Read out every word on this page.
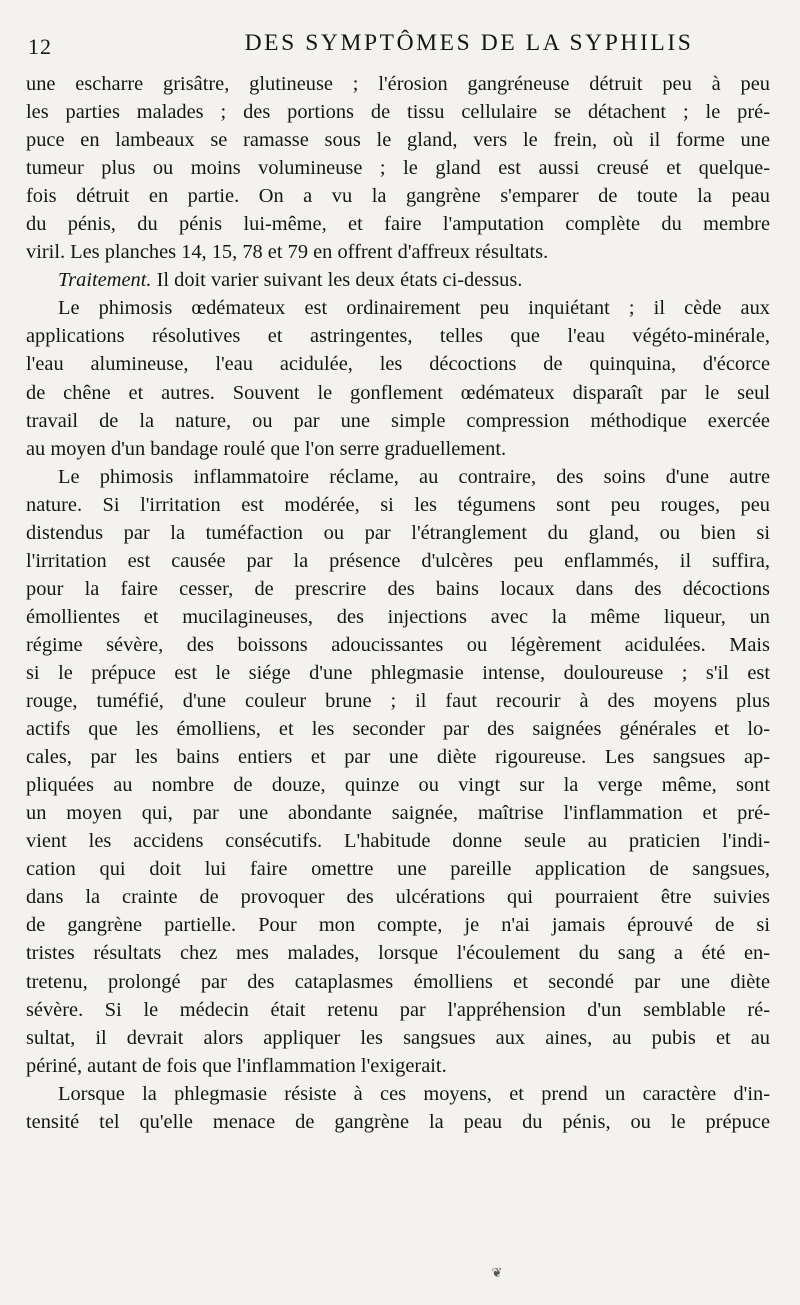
12	DES SYMPTÔMES DE LA SYPHILIS
une escharre grisâtre, glutineuse ; l'érosion gangréneuse détruit peu à peu
les parties malades ; des portions de tissu cellulaire se détachent ; le pré-
puce en lambeaux se ramasse sous le gland, vers le frein, où il forme une
tumeur plus ou moins volumineuse ; le gland est aussi creusé et quelque-
fois détruit en partie. On a vu la gangrène s'emparer de toute la peau
du pénis, du pénis lui-même, et faire l'amputation complète du membre
viril. Les planches 14, 15, 78 et 79 en offrent d'affreux résultats.
Traitement. Il doit varier suivant les deux états ci-dessus.
Le phimosis œdémateux est ordinairement peu inquiétant ; il cède aux
applications résolutives et astringentes, telles que l'eau végéto-minérale,
l'eau alumineuse, l'eau acidulée, les décoctions de quinquina, d'écorce
de chêne et autres. Souvent le gonflement œdémateux disparaît par le seul
travail de la nature, ou par une simple compression méthodique exercée
au moyen d'un bandage roulé que l'on serre graduellement.
Le phimosis inflammatoire réclame, au contraire, des soins d'une autre
nature. Si l'irritation est modérée, si les tégumens sont peu rouges, peu
distendus par la tuméfaction ou par l'étranglement du gland, ou bien si
l'irritation est causée par la présence d'ulcères peu enflammés, il suffira,
pour la faire cesser, de prescrire des bains locaux dans des décoctions
émollientes et mucilagineuses, des injections avec la même liqueur, un
régime sévère, des boissons adoucissantes ou légèrement acidulées. Mais
si le prépuce est le siége d'une phlegmasie intense, douloureuse ; s'il est
rouge, tuméfié, d'une couleur brune ; il faut recourir à des moyens plus
actifs que les émolliens, et les seconder par des saignées générales et lo-
cales, par les bains entiers et par une diète rigoureuse. Les sangsues ap-
pliquées au nombre de douze, quinze ou vingt sur la verge même, sont
un moyen qui, par une abondante saignée, maîtrise l'inflammation et pré-
vient les accidens consécutifs. L'habitude donne seule au praticien l'indi-
cation qui doit lui faire omettre une pareille application de sangsues,
dans la crainte de provoquer des ulcérations qui pourraient être suivies
de gangrène partielle. Pour mon compte, je n'ai jamais éprouvé de si
tristes résultats chez mes malades, lorsque l'écoulement du sang a été en-
tretenu, prolongé par des cataplasmes émolliens et secondé par une diète
sévère. Si le médecin était retenu par l'appréhension d'un semblable ré-
sultat, il devrait alors appliquer les sangsues aux aines, au pubis et au
périné, autant de fois que l'inflammation l'exigerait.
Lorsque la phlegmasie résiste à ces moyens, et prend un caractère d'in-
tensité tel qu'elle menace de gangrène la peau du pénis, ou le prépuce
❦
